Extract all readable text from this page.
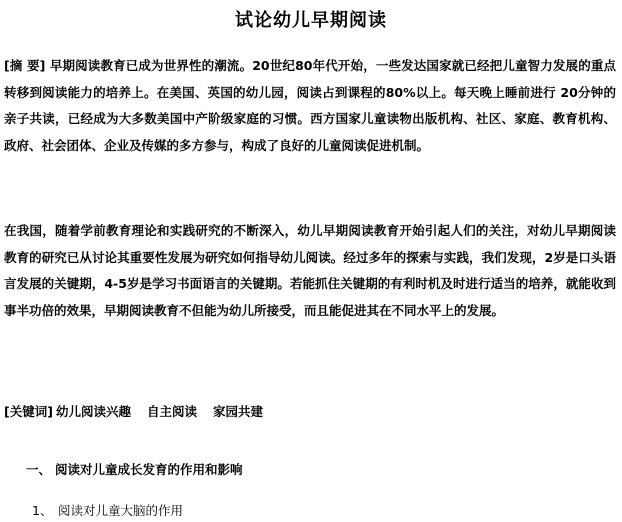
试论幼儿早期阅读

[摘 要] 早期阅读教育已成为世界性的潮流。20世纪80年代开始，一些发达国家就已经把儿童智力发展的重点转移到阅读能力的培养上。在美国、英国的幼儿园，阅读占到课程的80%以上。每天晚上睡前进行 20分钟的亲子共读，已经成为大多数美国中产阶级家庭的习惯。西方国家儿童读物出版机构、社区、家庭、教育机构、政府、社会团体、企业及传媒的多方参与，构成了良好的儿童阅读促进机制。

在我国，随着学前教育理论和实践研究的不断深入，幼儿早期阅读教育开始引起人们的关注，对幼儿早期阅读教育的研究已从讨论其重要性发展为研究如何指导幼儿阅读。经过多年的探索与实践，我们发现，2岁是口头语言发展的关键期，4-5岁是学习书面语言的关键期。若能抓住关键期的有利时机及时进行适当的培养，就能收到事半功倍的效果，早期阅读教育不但能为幼儿所接受，而且能促进其在不同水平上的发展。

[关键词] 幼儿阅读兴趣 自主阅读 家园共建
一、 阅读对儿童成长发育的作用和影响
1、 阅读对儿童大脑的作用
